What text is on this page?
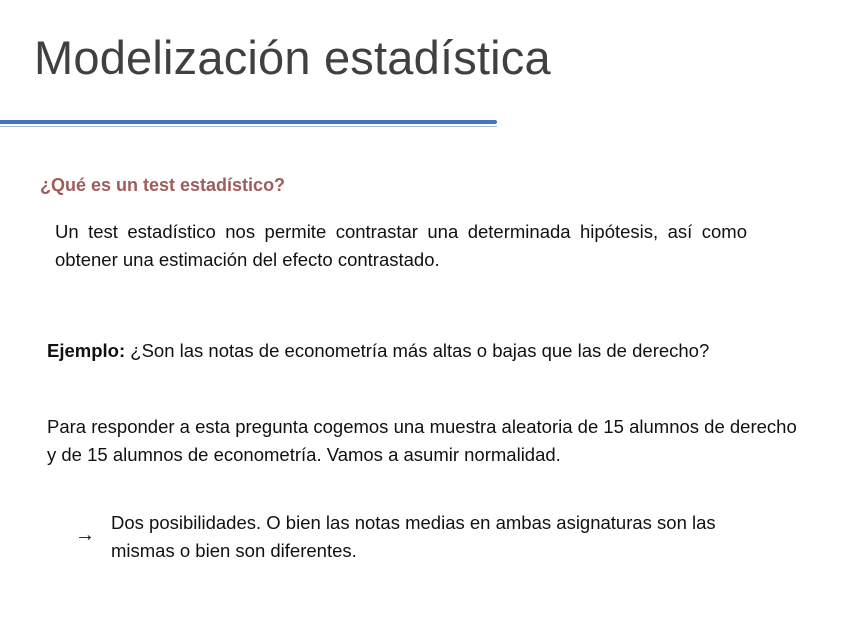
Modelización estadística
¿Qué es un test estadístico?
Un test estadístico nos permite contrastar una determinada hipótesis, así como obtener una estimación del efecto contrastado.
Ejemplo: ¿Son las notas de econometría más altas o bajas que las de derecho?
Para responder a esta pregunta cogemos una muestra aleatoria de 15 alumnos de derecho y de 15 alumnos de econometría. Vamos a asumir normalidad.
→
Dos posibilidades. O bien las notas medias en ambas asignaturas son las mismas o bien son diferentes.
